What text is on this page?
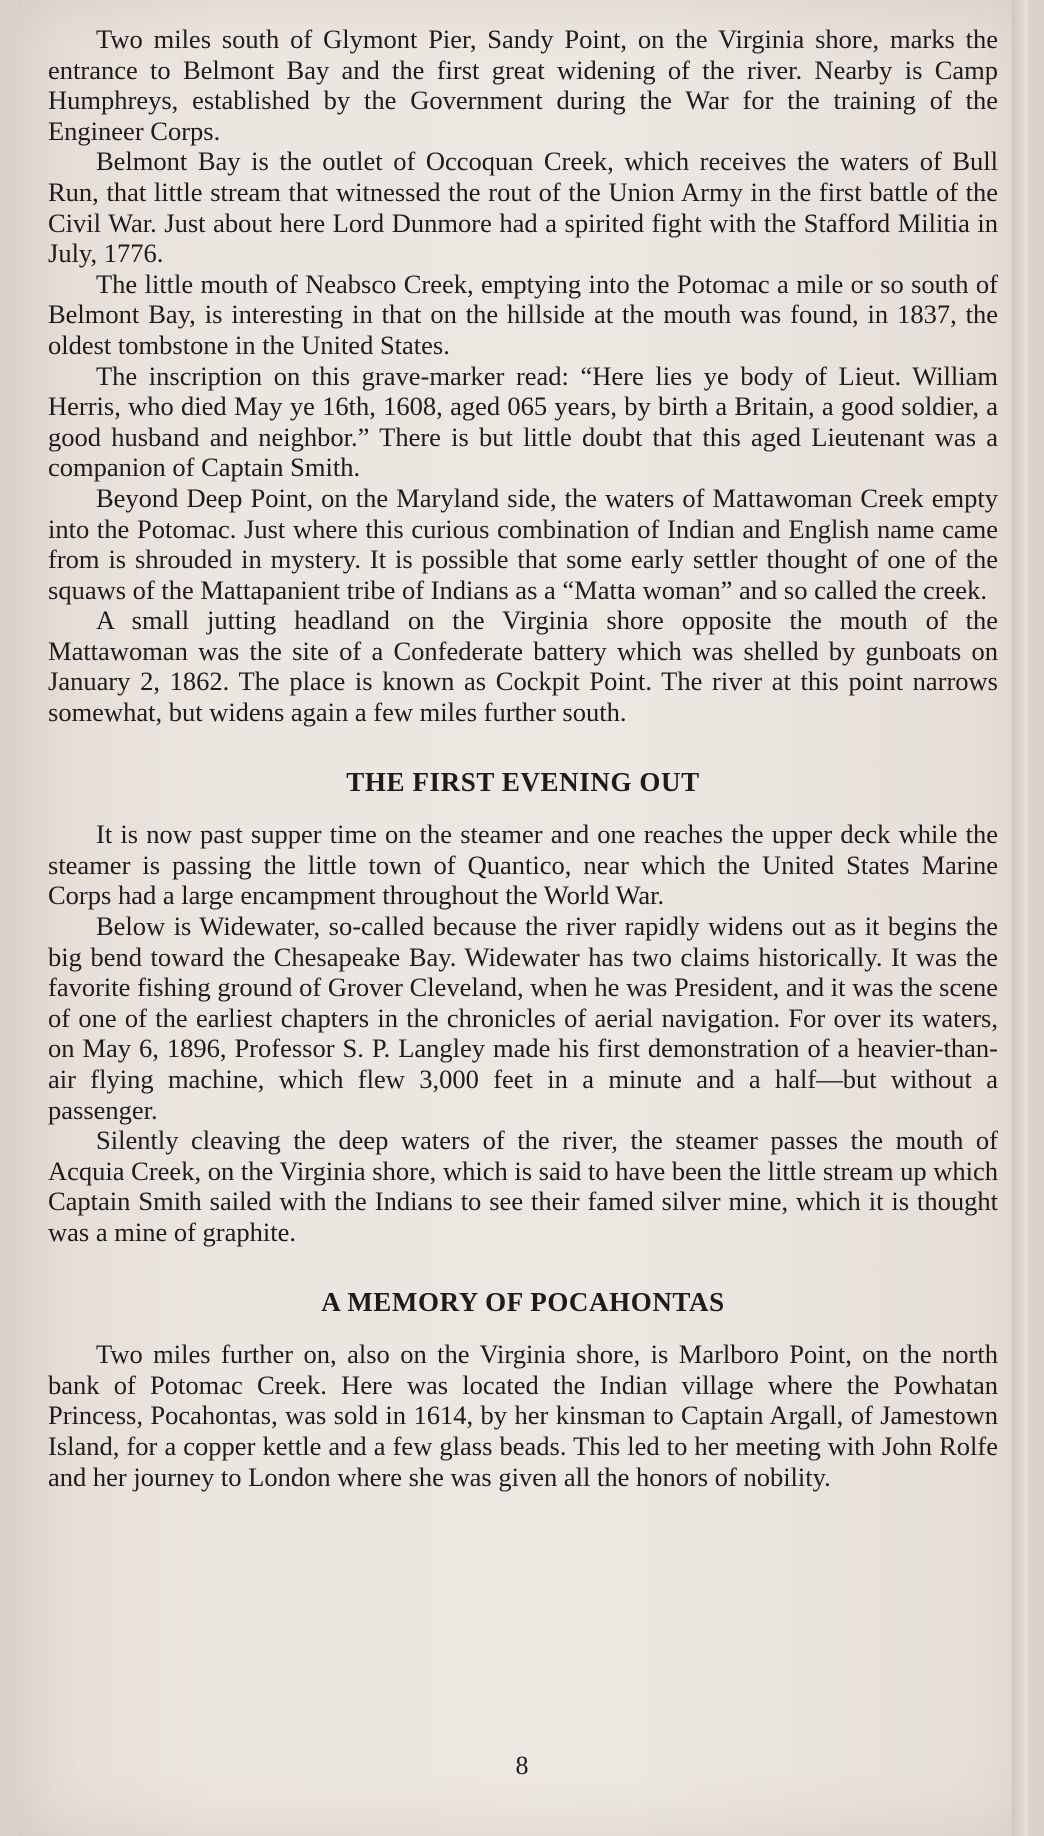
Two miles south of Glymont Pier, Sandy Point, on the Virginia shore, marks the entrance to Belmont Bay and the first great widening of the river. Nearby is Camp Humphreys, established by the Government during the War for the training of the Engineer Corps.

Belmont Bay is the outlet of Occoquan Creek, which receives the waters of Bull Run, that little stream that witnessed the rout of the Union Army in the first battle of the Civil War. Just about here Lord Dunmore had a spirited fight with the Stafford Militia in July, 1776.

The little mouth of Neabsco Creek, emptying into the Potomac a mile or so south of Belmont Bay, is interesting in that on the hillside at the mouth was found, in 1837, the oldest tombstone in the United States.

The inscription on this grave-marker read: “Here lies ye body of Lieut. William Herris, who died May ye 16th, 1608, aged 065 years, by birth a Britain, a good soldier, a good husband and neighbor.” There is but little doubt that this aged Lieutenant was a companion of Captain Smith.

Beyond Deep Point, on the Maryland side, the waters of Mattawoman Creek empty into the Potomac. Just where this curious combination of Indian and English name came from is shrouded in mystery. It is possible that some early settler thought of one of the squaws of the Mattapanient tribe of Indians as a “Matta woman” and so called the creek.

A small jutting headland on the Virginia shore opposite the mouth of the Mattawoman was the site of a Confederate battery which was shelled by gunboats on January 2, 1862. The place is known as Cockpit Point. The river at this point narrows somewhat, but widens again a few miles further south.

THE FIRST EVENING OUT

It is now past supper time on the steamer and one reaches the upper deck while the steamer is passing the little town of Quantico, near which the United States Marine Corps had a large encampment throughout the World War.

Below is Widewater, so-called because the river rapidly widens out as it begins the big bend toward the Chesapeake Bay. Widewater has two claims historically. It was the favorite fishing ground of Grover Cleveland, when he was President, and it was the scene of one of the earliest chapters in the chronicles of aerial navigation. For over its waters, on May 6, 1896, Professor S. P. Langley made his first demonstration of a heavier-than-air flying machine, which flew 3,000 feet in a minute and a half—but without a passenger.

Silently cleaving the deep waters of the river, the steamer passes the mouth of Acquia Creek, on the Virginia shore, which is said to have been the little stream up which Captain Smith sailed with the Indians to see their famed silver mine, which it is thought was a mine of graphite.

A MEMORY OF POCAHONTAS

Two miles further on, also on the Virginia shore, is Marlboro Point, on the north bank of Potomac Creek. Here was located the Indian village where the Powhatan Princess, Pocahontas, was sold in 1614, by her kinsman to Captain Argall, of Jamestown Island, for a copper kettle and a few glass beads. This led to her meeting with John Rolfe and her journey to London where she was given all the honors of nobility.

8
